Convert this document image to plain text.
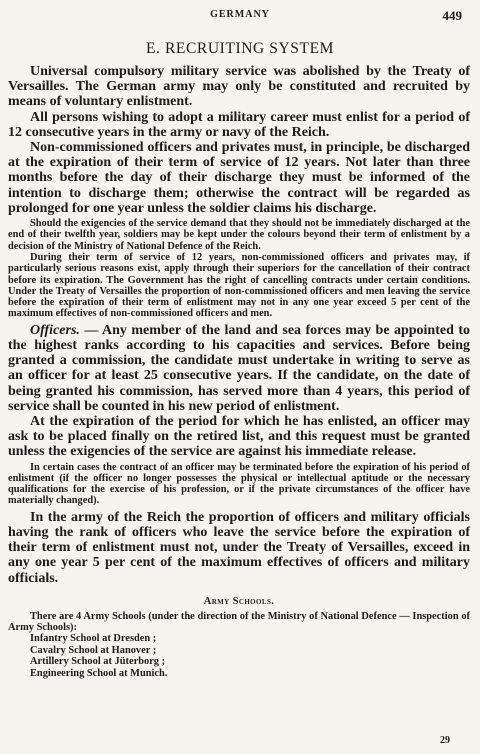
GERMANY	449
E. RECRUITING SYSTEM

Universal compulsory military service was abolished by the Treaty of Versailles. The German army may only be constituted and recruited by means of voluntary enlistment.

All persons wishing to adopt a military career must enlist for a period of 12 consecutive years in the army or navy of the Reich.

Non-commissioned officers and privates must, in principle, be discharged at the expiration of their term of service of 12 years. Not later than three months before the day of their discharge they must be informed of the intention to discharge them; otherwise the contract will be regarded as prolonged for one year unless the soldier claims his discharge.

Should the exigencies of the service demand that they should not be immediately discharged at the end of their twelfth year, soldiers may be kept under the colours beyond their term of enlistment by a decision of the Ministry of National Defence of the Reich.

During their term of service of 12 years, non-commissioned officers and privates may, if particularly serious reasons exist, apply through their superiors for the cancellation of their contract before its expiration. The Government has the right of cancelling contracts under certain conditions. Under the Treaty of Versailles the proportion of non-commissioned officers and men leaving the service before the expiration of their term of enlistment may not in any one year exceed 5 per cent of the maximum effectives of non-commissioned officers and men.

Officers. — Any member of the land and sea forces may be appointed to the highest ranks according to his capacities and services. Before being granted a commission, the candidate must undertake in writing to serve as an officer for at least 25 consecutive years. If the candidate, on the date of being granted his commission, has served more than 4 years, this period of service shall be counted in his new period of enlistment.

At the expiration of the period for which he has enlisted, an officer may ask to be placed finally on the retired list, and this request must be granted unless the exigencies of the service are against his immediate release.

In certain cases the contract of an officer may be terminated before the expiration of his period of enlistment (if the officer no longer possesses the physical or intellectual aptitude or the necessary qualifications for the exercise of his profession, or if the private circumstances of the officer have materially changed).

In the army of the Reich the proportion of officers and military officials having the rank of officers who leave the service before the expiration of their term of enlistment must not, under the Treaty of Versailles, exceed in any one year 5 per cent of the maximum effectives of officers and military officials.

Army Schools.

There are 4 Army Schools (under the direction of the Ministry of National Defence — Inspection of Army Schools):

Infantry School at Dresden ;
Cavalry School at Hanover ;
Artillery School at Jüterborg ;
Engineering School at Munich.
29
